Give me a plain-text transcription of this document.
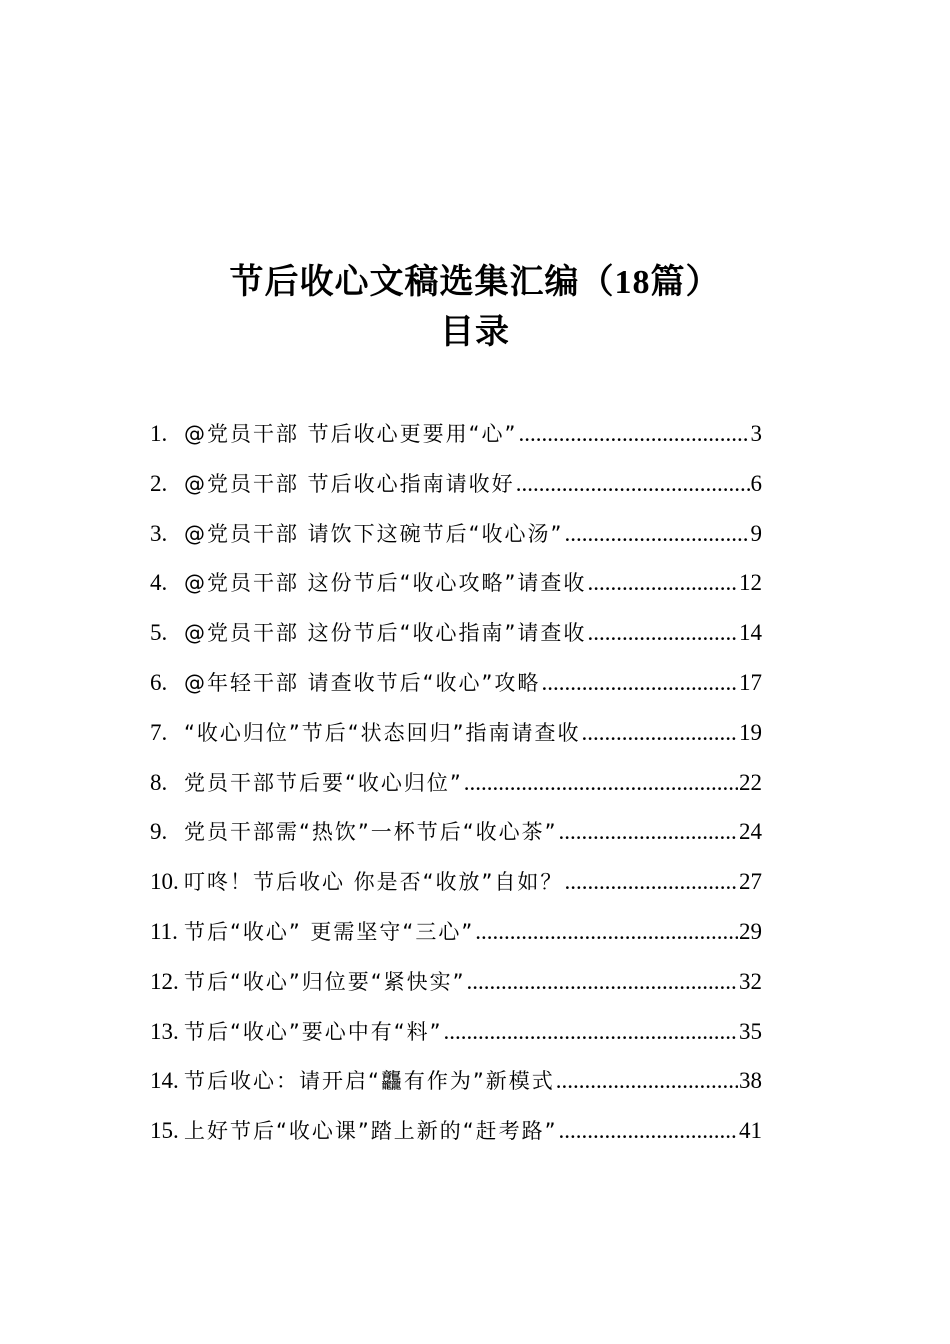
节后收心文稿选集汇编（18篇）
目录
1. @党员干部 节后收心更要用“心” .....	3
2. @党员干部 节后收心指南请收好 .....	6
3. @党员干部 请饮下这碗节后“收心汤” .....	9
4. @党员干部 这份节后“收心攻略”请查收 .....	12
5. @党员干部 这份节后“收心指南”请查收 .....	14
6. @年轻干部 请查收节后“收心”攻略 .....	17
7. “收心归位”节后“状态回归”指南请查收 .....	19
8. 党员干部节后要“收心归位” .....	22
9. 党员干部需“热饮”一杯节后“收心茶” .....	24
10. 叮咚！节后收心 你是否“收放”自如？ .....	27
11. 节后“收心” 更需坚守“三心” .....	29
12. 节后“收心”归位要“紧快实” .....	32
13. 节后“收心”要心中有“料” .....	35
14. 节后收心：请开启“龘有作为”新模式 .....	38
15. 上好节后“收心课”踏上新的“赶考路” .....	41
